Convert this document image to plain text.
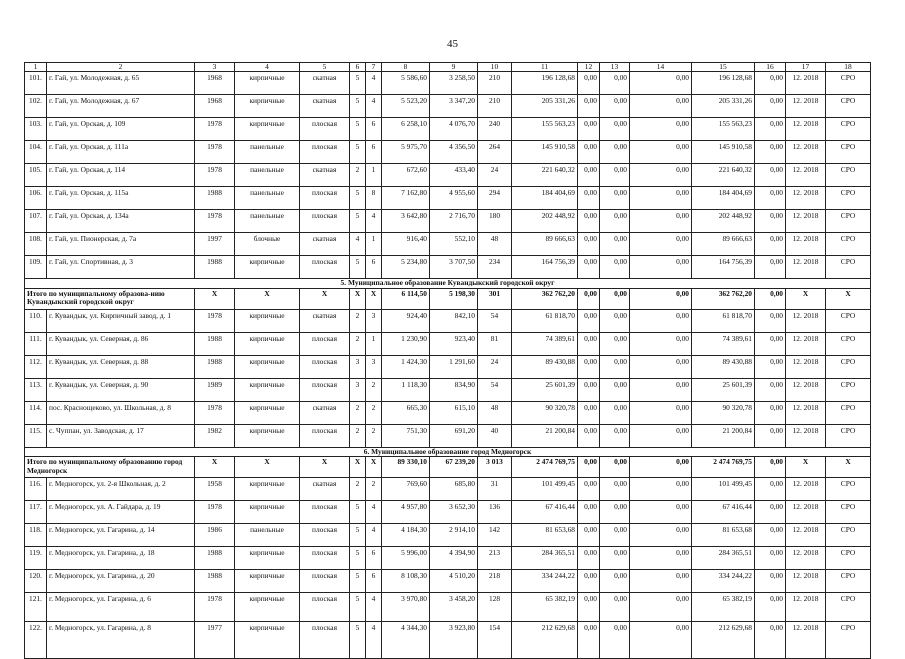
45
1	2	3	4	5	6	7	8	9	10	11	12	13	14	15	16	17	18
101.	г. Гай, ул. Молодежная, д. 65	1968	кирпичные	скатная	5	4	5 586,60	3 258,50	210	196 128,68	0,00	0,00	0,00	196 128,68	0,00	12. 2018	СРО
102.	г. Гай, ул. Молодежная, д. 67	1968	кирпичные	скатная	5	4	5 523,20	3 347,20	210	205 331,26	0,00	0,00	0,00	205 331,26	0,00	12. 2018	СРО
103.	г. Гай, ул. Орская, д. 109	1978	кирпичные	плоская	5	6	6 258,10	4 076,70	240	155 563,23	0,00	0,00	0,00	155 563,23	0,00	12. 2018	СРО
104.	г. Гай, ул. Орская, д. 111а	1978	панельные	плоская	5	6	5 975,70	4 356,50	264	145 910,58	0,00	0,00	0,00	145 910,58	0,00	12. 2018	СРО
105.	г. Гай, ул. Орская, д. 114	1978	панельные	скатная	2	1	672,60	433,40	24	221 640,32	0,00	0,00	0,00	221 640,32	0,00	12. 2018	СРО
106.	г. Гай, ул. Орская, д. 115а	1988	панельные	плоская	5	8	7 162,80	4 955,60	294	184 404,69	0,00	0,00	0,00	184 404,69	0,00	12. 2018	СРО
107.	г. Гай, ул. Орская, д. 134а	1978	панельные	плоская	5	4	3 642,80	2 716,70	180	202 448,92	0,00	0,00	0,00	202 448,92	0,00	12. 2018	СРО
108.	г. Гай, ул. Пионерская, д. 7а	1997	блочные	скатная	4	1	916,40	552,10	48	89 666,63	0,00	0,00	0,00	89 666,63	0,00	12. 2018	СРО
109.	г. Гай, ул. Спортивная, д. 3	1988	кирпичные	плоская	5	6	5 234,80	3 707,50	234	164 756,39	0,00	0,00	0,00	164 756,39	0,00	12. 2018	СРО
5. Муниципальное образование Кувандыкский городской округ																	
Итого по муниципальному образова-нию Кувандыкский городской округ		X	X	X	X	X	6 114,50	5 198,30	301	362 762,20	0,00	0,00	0,00	362 762,20	0,00	X	X
110.	г. Кувандык, ул. Кирпичный завод, д. 1	1978	кирпичные	скатная	2	3	924,40	842,10	54	61 818,70	0,00	0,00	0,00	61 818,70	0,00	12. 2018	СРО
111.	г. Кувандык, ул. Северная, д. 86	1988	кирпичные	плоская	2	1	1 230,90	923,40	81	74 389,61	0,00	0,00	0,00	74 389,61	0,00	12. 2018	СРО
112.	г. Кувандык, ул. Северная, д. 88	1988	кирпичные	плоская	3	3	1 424,30	1 291,60	24	89 430,88	0,00	0,00	0,00	89 430,88	0,00	12. 2018	СРО
113.	г. Кувандык, ул. Северная, д. 90	1989	кирпичные	плоская	3	2	1 118,30	834,90	54	25 601,39	0,00	0,00	0,00	25 601,39	0,00	12. 2018	СРО
114.	пос. Краснощеково, ул. Школьная, д. 8	1978	кирпичные	скатная	2	2	665,30	615,10	48	90 320,78	0,00	0,00	0,00	90 320,78	0,00	12. 2018	СРО
115.	с. Чуппан, ул. Заводская, д. 17	1982	кирпичные	плоская	2	2	751,30	691,20	40	21 200,84	0,00	0,00	0,00	21 200,84	0,00	12. 2018	СРО
6. Муниципальное образование город Медногорск																	
Итого по муниципальному образованию город Медногорск		X	X	X	X	X	89 330,10	67 239,20	3 013	2 474 769,75	0,00	0,00	0,00	2 474 769,75	0,00	X	X
116.	г. Медногорск, ул. 2-я Школьная, д. 2	1958	кирпичные	скатная	2	2	769,60	685,80	31	101 499,45	0,00	0,00	0,00	101 499,45	0,00	12. 2018	СРО
117.	г. Медногорск, ул. А. Гайдара, д. 19	1978	кирпичные	плоская	5	4	4 957,80	3 652,30	136	67 416,44	0,00	0,00	0,00	67 416,44	0,00	12. 2018	СРО
118.	г. Медногорск, ул. Гагарина, д. 14	1986	панельные	плоская	5	4	4 184,30	2 914,10	142	81 653,68	0,00	0,00	0,00	81 653,68	0,00	12. 2018	СРО
119.	г. Медногорск, ул. Гагарина, д. 18	1988	кирпичные	плоская	5	6	5 996,00	4 394,90	213	284 365,51	0,00	0,00	0,00	284 365,51	0,00	12. 2018	СРО
120.	г. Медногорск, ул. Гагарина, д. 20	1988	кирпичные	плоская	5	6	8 108,30	4 510,20	218	334 244,22	0,00	0,00	0,00	334 244,22	0,00	12. 2018	СРО
121.	г. Медногорск, ул. Гагарина, д. 6	1978	кирпичные	плоская	5	4	3 970,80	3 458,20	128	65 382,19	0,00	0,00	0,00	65 382,19	0,00	12. 2018	СРО
122.	г. Медногорск, ул. Гагарина, д. 8	1977	кирпичные	плоская	5	4	4 344,30	3 923,80	154	212 629,68	0,00	0,00	0,00	212 629,68	0,00	12. 2018	СРО
